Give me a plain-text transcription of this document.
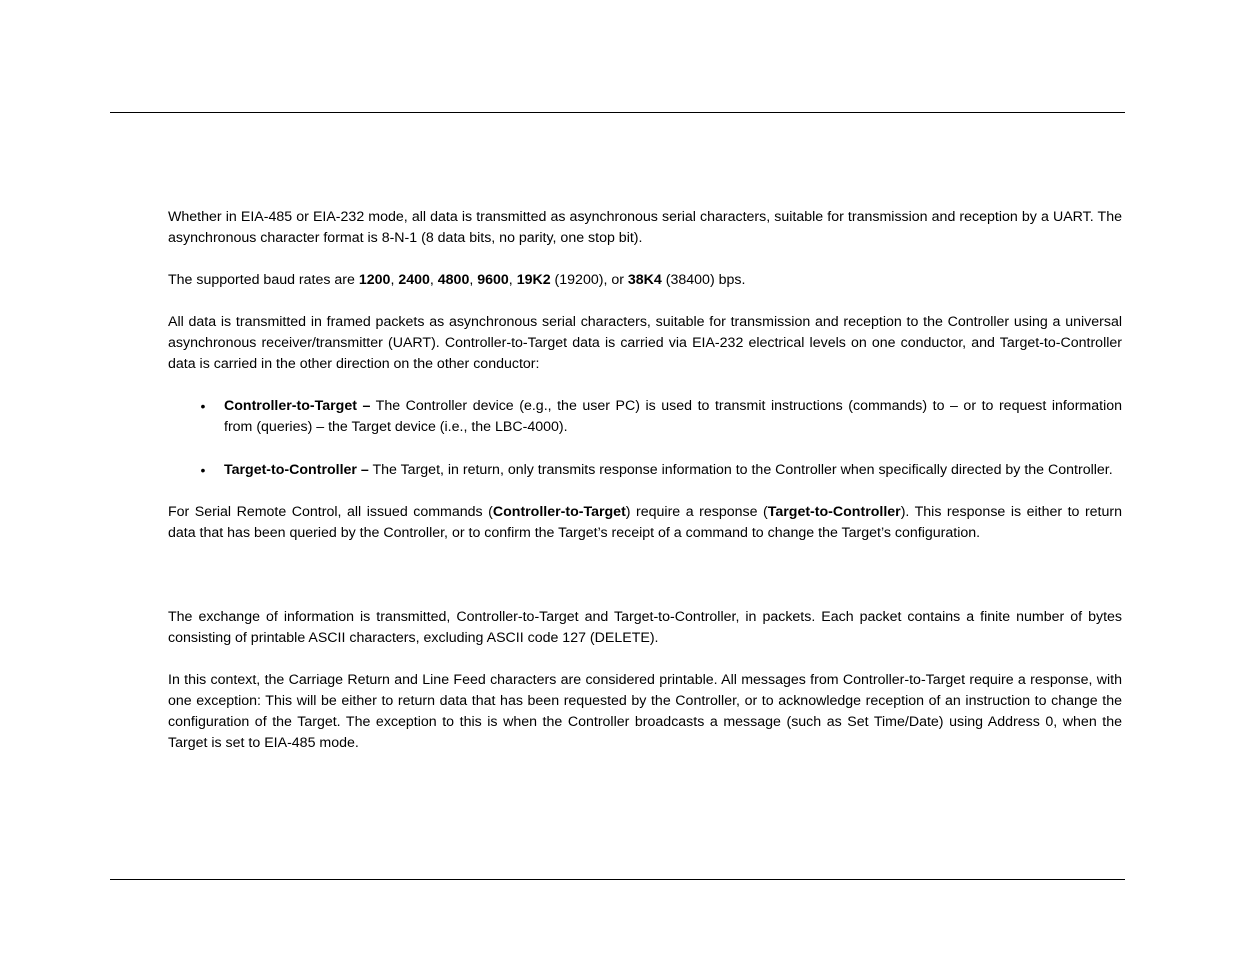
Whether in EIA-485 or EIA-232 mode, all data is transmitted as asynchronous serial characters, suitable for transmission and reception by a UART. The asynchronous character format is 8-N-1 (8 data bits, no parity, one stop bit).

The supported baud rates are 1200, 2400, 4800, 9600, 19K2 (19200), or 38K4 (38400) bps.

All data is transmitted in framed packets as asynchronous serial characters, suitable for transmission and reception to the Controller using a universal asynchronous receiver/transmitter (UART). Controller-to-Target data is carried via EIA-232 electrical levels on one conductor, and Target-to-Controller data is carried in the other direction on the other conductor:

• Controller-to-Target – The Controller device (e.g., the user PC) is used to transmit instructions (commands) to – or to request information from (queries) – the Target device (i.e., the LBC-4000).
• Target-to-Controller – The Target, in return, only transmits response information to the Controller when specifically directed by the Controller.

For Serial Remote Control, all issued commands (Controller-to-Target) require a response (Target-to-Controller). This response is either to return data that has been queried by the Controller, or to confirm the Target’s receipt of a command to change the Target’s configuration.

The exchange of information is transmitted, Controller-to-Target and Target-to-Controller, in packets. Each packet contains a finite number of bytes consisting of printable ASCII characters, excluding ASCII code 127 (DELETE).

In this context, the Carriage Return and Line Feed characters are considered printable. All messages from Controller-to-Target require a response, with one exception: This will be either to return data that has been requested by the Controller, or to acknowledge reception of an instruction to change the configuration of the Target. The exception to this is when the Controller broadcasts a message (such as Set Time/Date) using Address 0, when the Target is set to EIA-485 mode.
